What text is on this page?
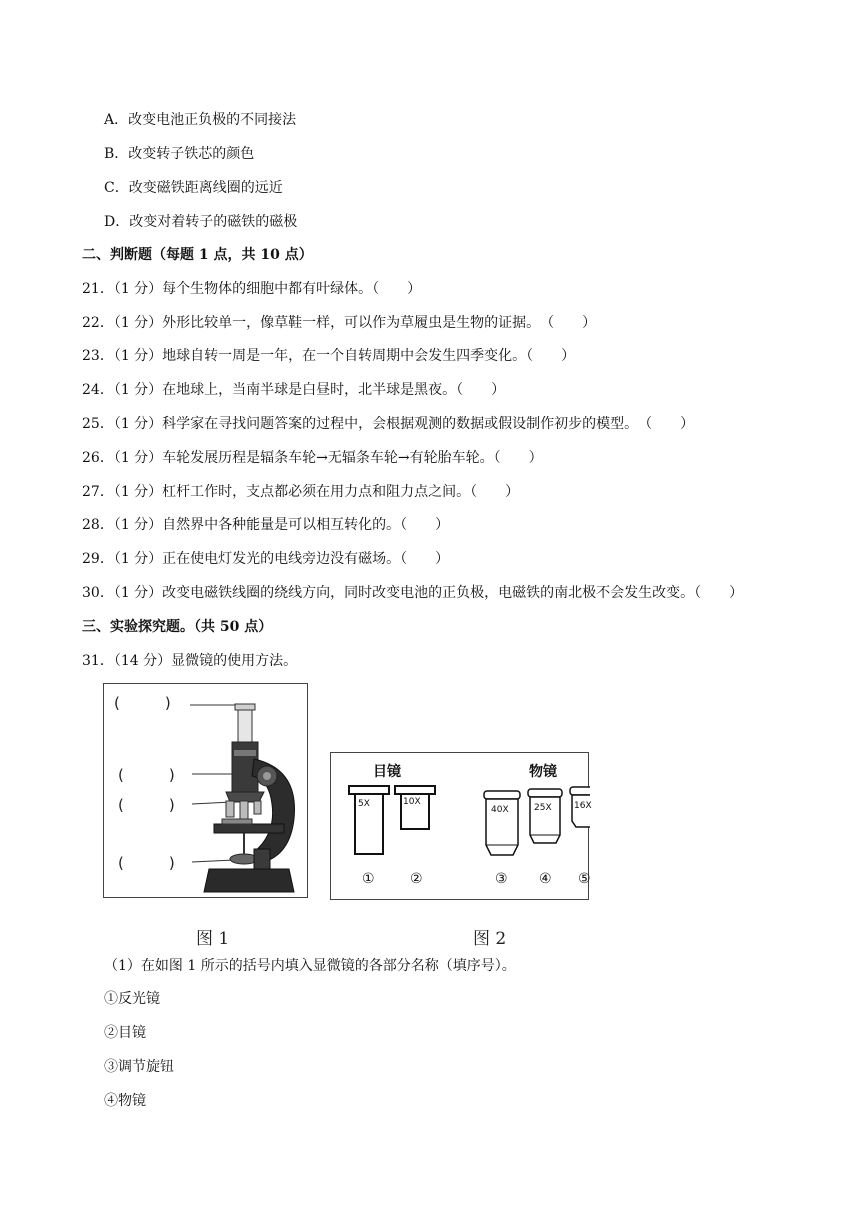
A．改变电池正负极的不同接法
B．改变转子铁芯的颜色
C．改变磁铁距离线圈的远近
D．改变对着转子的磁铁的磁极
二、判断题（每题 1 点，共 10 点）
21．（1 分）每个生物体的细胞中都有叶绿体。（　　）
22．（1 分）外形比较单一，像草鞋一样，可以作为草履虫是生物的证据。　（　　）
23．（1 分）地球自转一周是一年，在一个自转周期中会发生四季变化。（　　）
24．（1 分）在地球上，当南半球是白昼时，北半球是黑夜。（　　）
25．（1 分）科学家在寻找问题答案的过程中，会根据观测的数据或假设制作初步的模型。　（　　）
26．（1 分）车轮发展历程是辐条车轮→无辐条车轮→有轮胎车轮。（　　）
27．（1 分）杠杆工作时，支点都必须在用力点和阻力点之间。（　　）
28．（1 分）自然界中各种能量是可以相互转化的。（　　）
29．（1 分）正在使电灯发光的电线旁边没有磁场。（　　）
30．（1 分）改变电磁铁线圈的绕线方向，同时改变电池的正负极，电磁铁的南北极不会发生改变。（　　）
三、实验探究题。（共 50 点）
31．（14 分）显微镜的使用方法。
(　　　)
(　　　)
(　　　)
(　　　)
图 1
目镜	物镜
5X	10X
40X	25X 16X
①	②	③ ④ ⑤
图 2
（1）在如图 1 所示的括号内填入显微镜的各部分名称（填序号）。
①反光镜
②目镜
③调节旋钮
④物镜
